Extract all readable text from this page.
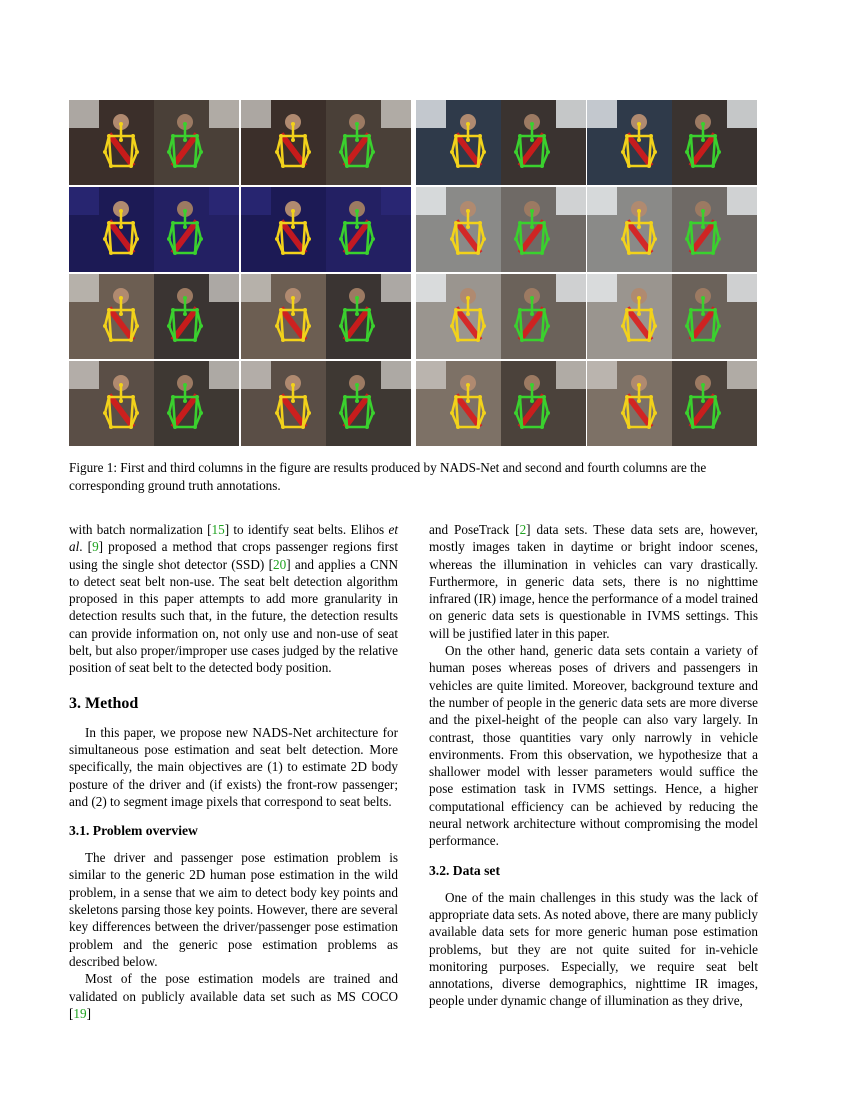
Figure 1: First and third columns in the figure are results produced by NADS-Net and second and fourth columns are the corresponding ground truth annotations.

with batch normalization [15] to identify seat belts. Elihos et al. [9] proposed a method that crops passenger regions first using the single shot detector (SSD) [20] and applies a CNN to detect seat belt non-use. The seat belt detection algorithm proposed in this paper attempts to add more granularity in detection results such that, in the future, the detection results can provide information on, not only use and non-use of seat belt, but also proper/improper use cases judged by the relative position of seat belt to the detected body position.

3. Method

In this paper, we propose new NADS-Net architecture for simultaneous pose estimation and seat belt detection. More specifically, the main objectives are (1) to estimate 2D body posture of the driver and (if exists) the front-row passenger; and (2) to segment image pixels that correspond to seat belts.

3.1. Problem overview

The driver and passenger pose estimation problem is similar to the generic 2D human pose estimation in the wild problem, in a sense that we aim to detect body key points and skeletons parsing those key points. However, there are several key differences between the driver/passenger pose estimation problem and the generic pose estimation problems as described below.

Most of the pose estimation models are trained and validated on publicly available data set such as MS COCO [19]

and PoseTrack [2] data sets. These data sets are, however, mostly images taken in daytime or bright indoor scenes, whereas the illumination in vehicles can vary drastically. Furthermore, in generic data sets, there is no nighttime infrared (IR) image, hence the performance of a model trained on generic data sets is questionable in IVMS settings. This will be justified later in this paper.

On the other hand, generic data sets contain a variety of human poses whereas poses of drivers and passengers in vehicles are quite limited. Moreover, background texture and the number of people in the generic data sets are more diverse and the pixel-height of the people can also vary largely. In contrast, those quantities vary only narrowly in vehicle environments. From this observation, we hypothesize that a shallower model with lesser parameters would suffice the pose estimation task in IVMS settings. Hence, a higher computational efficiency can be achieved by reducing the neural network architecture without compromising the model performance.

3.2. Data set

One of the main challenges in this study was the lack of appropriate data sets. As noted above, there are many publicly available data sets for more generic human pose estimation problems, but they are not quite suited for in-vehicle monitoring purposes. Especially, we require seat belt annotations, diverse demographics, nighttime IR images, people under dynamic change of illumination as they drive,
